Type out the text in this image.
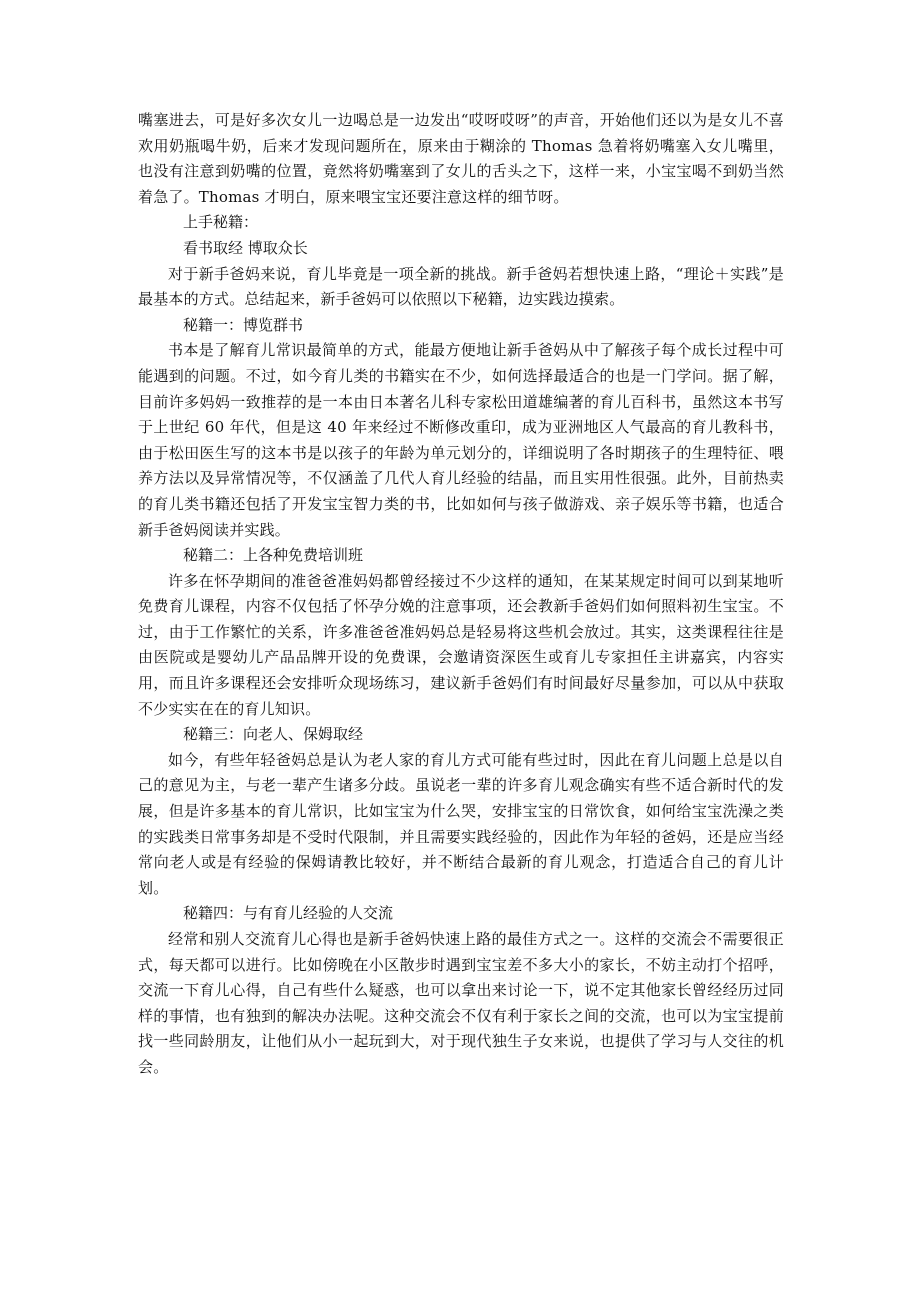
嘴塞进去，可是好多次女儿一边喝总是一边发出“哎呀哎呀”的声音，开始他们还以为是女儿不喜欢用奶瓶喝牛奶，后来才发现问题所在，原来由于糊涂的 Thomas 急着将奶嘴塞入女儿嘴里，也没有注意到奶嘴的位置，竟然将奶嘴塞到了女儿的舌头之下，这样一来，小宝宝喝不到奶当然着急了。Thomas 才明白，原来喂宝宝还要注意这样的细节呀。

上手秘籍：

看书取经 博取众长

对于新手爸妈来说，育儿毕竟是一项全新的挑战。新手爸妈若想快速上路，“理论＋实践”是最基本的方式。总结起来，新手爸妈可以依照以下秘籍，边实践边摸索。

秘籍一：博览群书

书本是了解育儿常识最简单的方式，能最方便地让新手爸妈从中了解孩子每个成长过程中可能遇到的问题。不过，如今育儿类的书籍实在不少，如何选择最适合的也是一门学问。据了解，目前许多妈妈一致推荐的是一本由日本著名儿科专家松田道雄编著的育儿百科书，虽然这本书写于上世纪 60 年代，但是这 40 年来经过不断修改重印，成为亚洲地区人气最高的育儿教科书，由于松田医生写的这本书是以孩子的年龄为单元划分的，详细说明了各时期孩子的生理特征、喂养方法以及异常情况等，不仅涵盖了几代人育儿经验的结晶，而且实用性很强。此外，目前热卖的育儿类书籍还包括了开发宝宝智力类的书，比如如何与孩子做游戏、亲子娱乐等书籍，也适合新手爸妈阅读并实践。

秘籍二：上各种免费培训班

许多在怀孕期间的准爸爸准妈妈都曾经接过不少这样的通知，在某某规定时间可以到某地听免费育儿课程，内容不仅包括了怀孕分娩的注意事项，还会教新手爸妈们如何照料初生宝宝。不过，由于工作繁忙的关系，许多准爸爸准妈妈总是轻易将这些机会放过。其实，这类课程往往是由医院或是婴幼儿产品品牌开设的免费课，会邀请资深医生或育儿专家担任主讲嘉宾，内容实用，而且许多课程还会安排听众现场练习，建议新手爸妈们有时间最好尽量参加，可以从中获取不少实实在在的育儿知识。

秘籍三：向老人、保姆取经

如今，有些年轻爸妈总是认为老人家的育儿方式可能有些过时，因此在育儿问题上总是以自己的意见为主，与老一辈产生诸多分歧。虽说老一辈的许多育儿观念确实有些不适合新时代的发展，但是许多基本的育儿常识，比如宝宝为什么哭，安排宝宝的日常饮食，如何给宝宝洗澡之类的实践类日常事务却是不受时代限制，并且需要实践经验的，因此作为年轻的爸妈，还是应当经常向老人或是有经验的保姆请教比较好，并不断结合最新的育儿观念，打造适合自己的育儿计划。

秘籍四：与有育儿经验的人交流

经常和别人交流育儿心得也是新手爸妈快速上路的最佳方式之一。这样的交流会不需要很正式，每天都可以进行。比如傍晚在小区散步时遇到宝宝差不多大小的家长，不妨主动打个招呼，交流一下育儿心得，自己有些什么疑惑，也可以拿出来讨论一下，说不定其他家长曾经经历过同样的事情，也有独到的解决办法呢。这种交流会不仅有利于家长之间的交流，也可以为宝宝提前找一些同龄朋友，让他们从小一起玩到大，对于现代独生子女来说，也提供了学习与人交往的机会。
